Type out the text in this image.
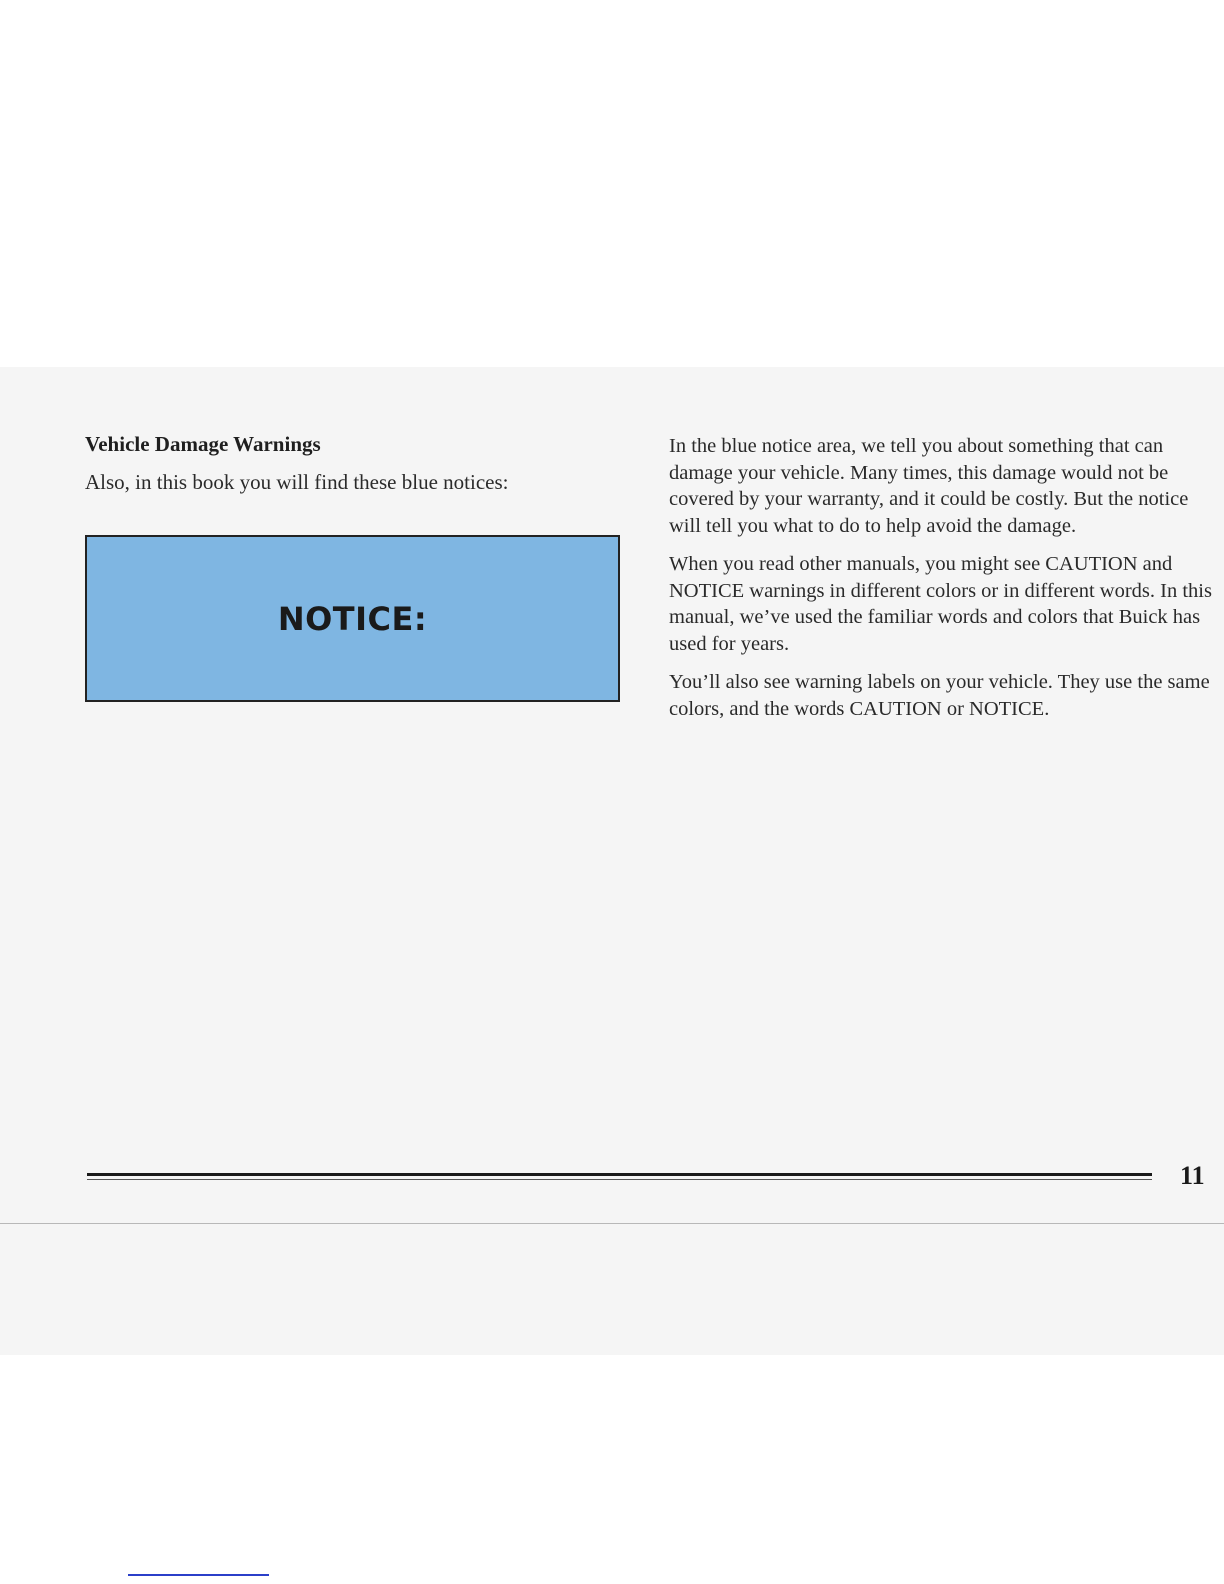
Vehicle Damage Warnings

Also, in this book you will find these blue notices:

NOTICE:

In the blue notice area, we tell you about something that can damage your vehicle. Many times, this damage would not be covered by your warranty, and it could be costly. But the notice will tell you what to do to help avoid the damage.

When you read other manuals, you might see CAUTION and NOTICE warnings in different colors or in different words. In this manual, we’ve used the familiar words and colors that Buick has used for years.

You’ll also see warning labels on your vehicle. They use the same colors, and the words CAUTION or NOTICE.

11
